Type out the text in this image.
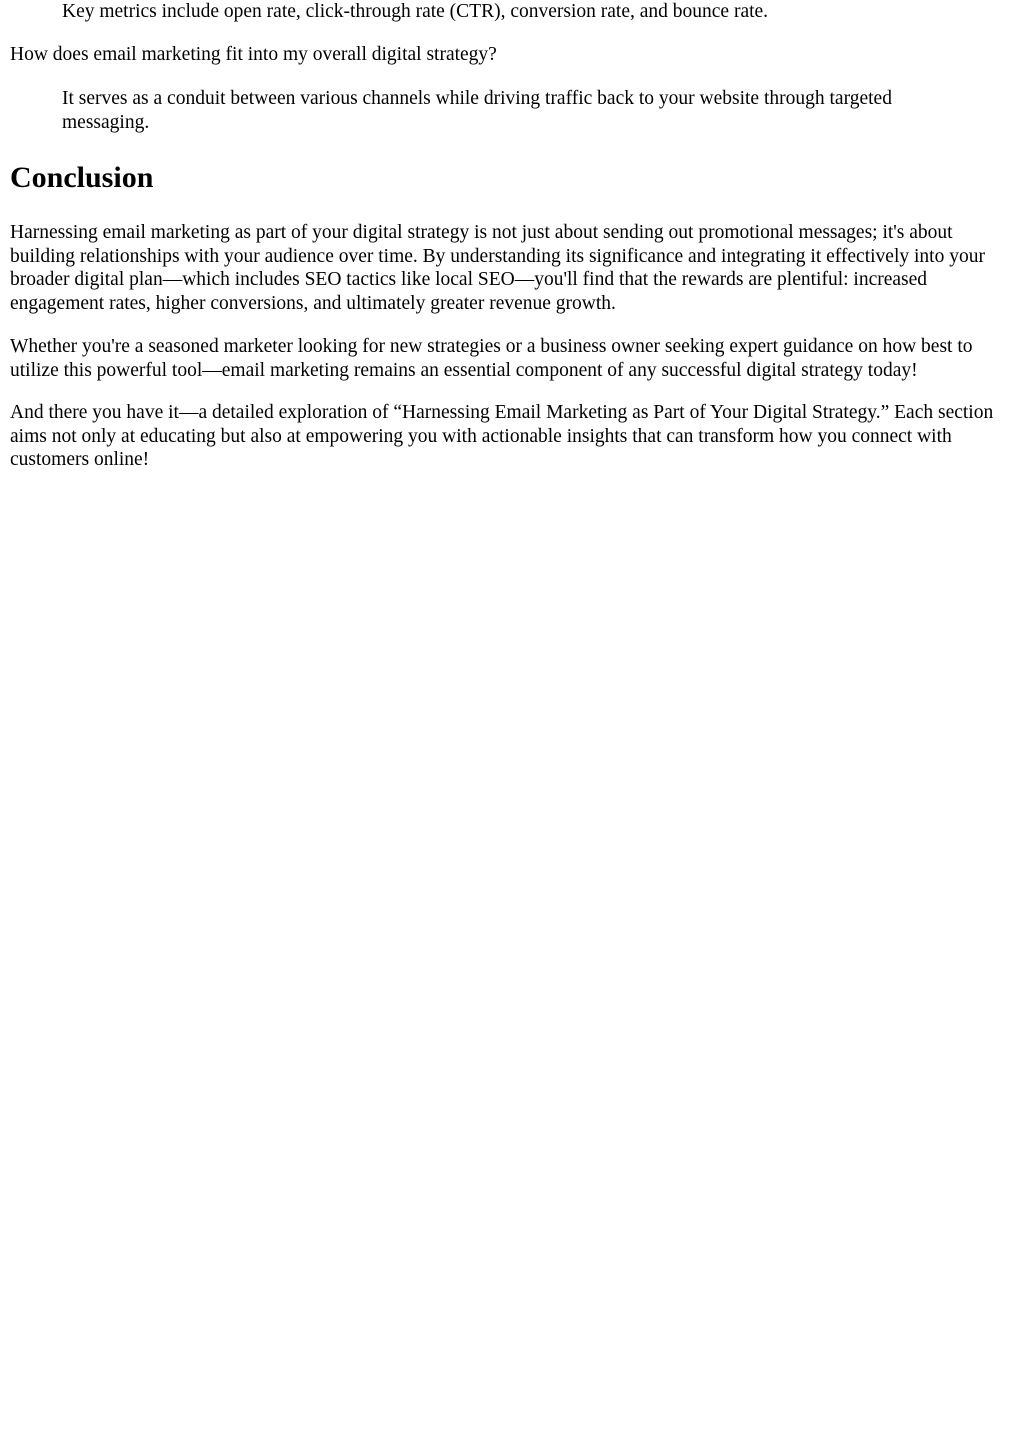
Key metrics include open rate, click-through rate (CTR), conversion rate, and bounce rate.

How does email marketing fit into my overall digital strategy?

It serves as a conduit between various channels while driving traffic back to your website through targeted messaging.

Conclusion

Harnessing email marketing as part of your digital strategy is not just about sending out promotional messages; it's about building relationships with your audience over time. By understanding its significance and integrating it effectively into your broader digital plan—which includes SEO tactics like local SEO—you'll find that the rewards are plentiful: increased engagement rates, higher conversions, and ultimately greater revenue growth.

Whether you're a seasoned marketer looking for new strategies or a business owner seeking expert guidance on how best to utilize this powerful tool—email marketing remains an essential component of any successful digital strategy today!

And there you have it—a detailed exploration of “Harnessing Email Marketing as Part of Your Digital Strategy.” Each section aims not only at educating but also at empowering you with actionable insights that can transform how you connect with customers online!
